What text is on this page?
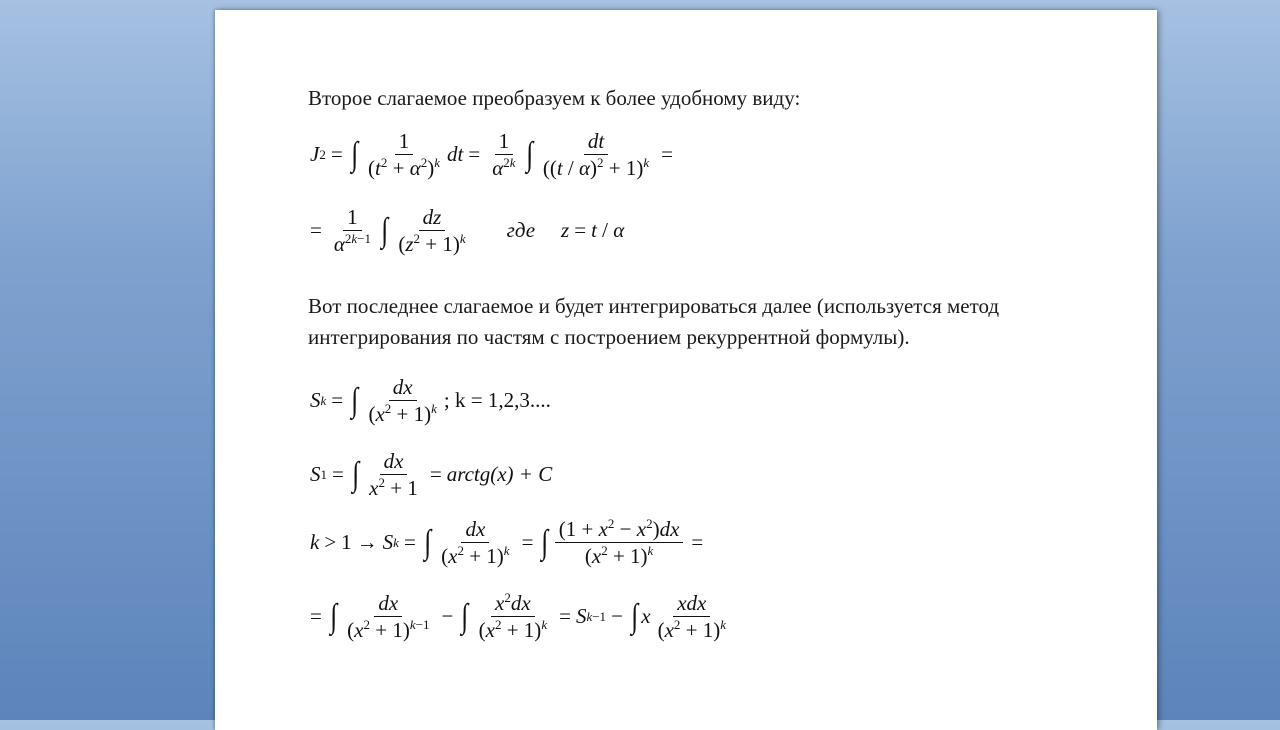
Второе слагаемое преобразуем к более удобному виду:
J 2 = ∫ $\frac{1}{(t^2 + \alpha^2)^k}$ dt = $\frac{1}{\alpha^{2k}}$ ∫ $\frac{dt}{((t / \alpha)^2 + 1)^k}$ =
= $\frac{1}{\alpha^{2k-1}}$ ∫ $\frac{dz}{(z^2 + 1)^k}$ где z = t / α
Вот последнее слагаемое и будет интегрироваться далее (используется метод
интегрирования по частям с построением рекуррентной формулы).
S k = ∫ $\frac{dx}{(x^2 + 1)^k}$ ; k = 1,2,3....
S 1 = ∫ $\frac{dx}{x^2 + 1}$ = arctg(x) + C
k > 1 → S k = ∫ $\frac{dx}{(x^2 + 1)^k}$ = ∫ $\frac{(1 + x^2 - x^2)dx}{(x^2 + 1)^k}$ =
= ∫ $\frac{dx}{(x^2 + 1)^{k-1}}$ − ∫ $\frac{x^2dx}{(x^2 + 1)^k} = S$ k−1 − ∫ x $\frac{\text{xdx}}{(x^2 + 1)^k}$
